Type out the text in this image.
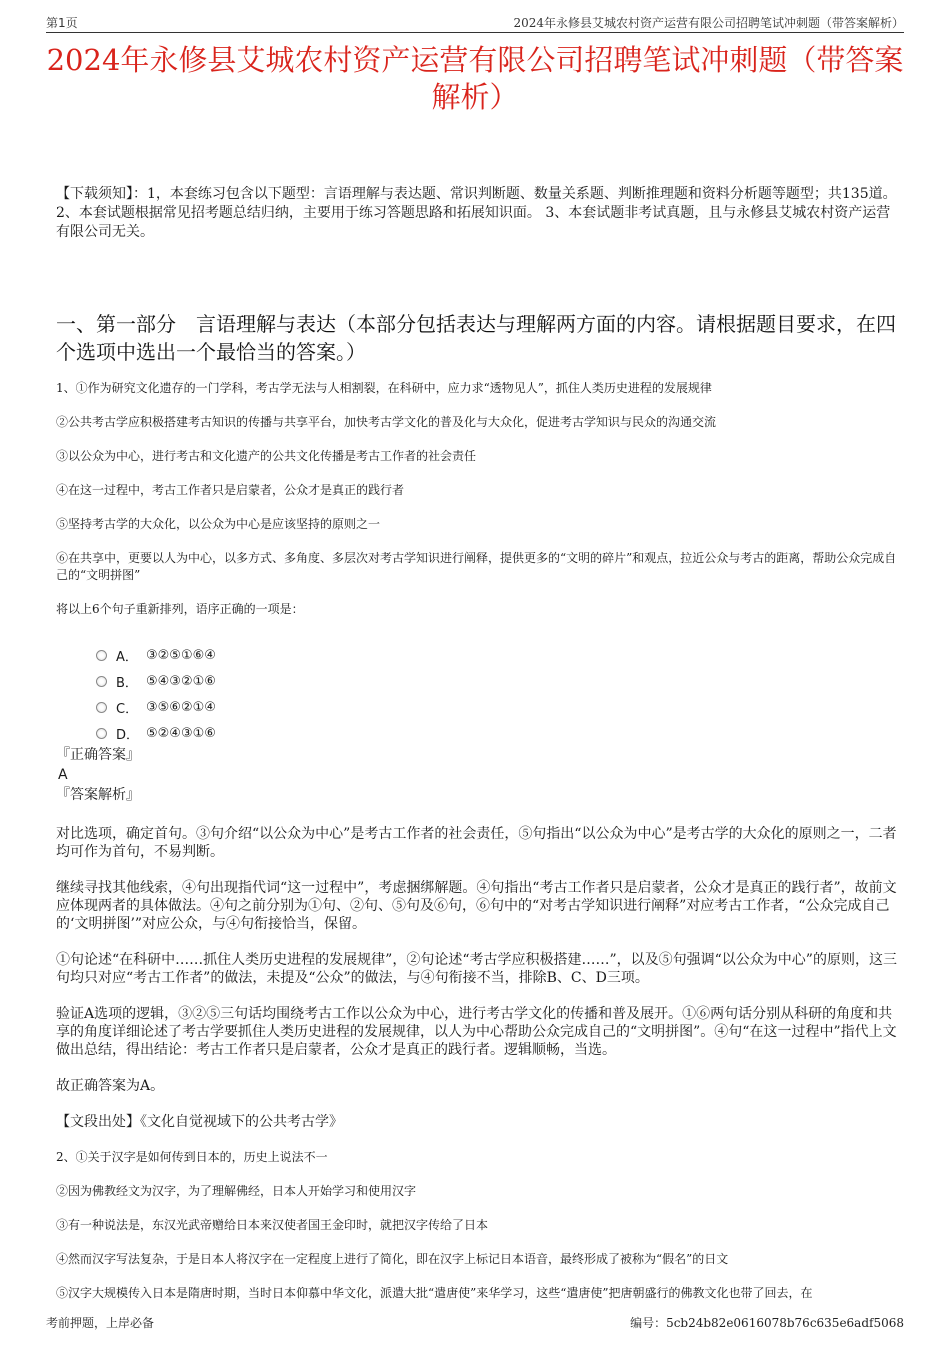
第1页	2024年永修县艾城农村资产运营有限公司招聘笔试冲刺题（带答案解析）
2024年永修县艾城农村资产运营有限公司招聘笔试冲刺题（带答案解析）
【下载须知】：1，本套练习包含以下题型：言语理解与表达题、常识判断题、数量关系题、判断推理题和资料分析题等题型；共135道。 2、本套试题根据常见招考题总结归纳，主要用于练习答题思路和拓展知识面。 3、本套试题非考试真题，且与永修县艾城农村资产运营有限公司无关。
一、第一部分　言语理解与表达（本部分包括表达与理解两方面的内容。请根据题目要求，在四个选项中选出一个最恰当的答案。）

1、①作为研究文化遗存的一门学科，考古学无法与人相割裂，在科研中，应力求“透物见人”，抓住人类历史进程的发展规律

②公共考古学应积极搭建考古知识的传播与共享平台，加快考古学文化的普及化与大众化，促进考古学知识与民众的沟通交流

③以公众为中心，进行考古和文化遗产的公共文化传播是考古工作者的社会责任

④在这一过程中，考古工作者只是启蒙者，公众才是真正的践行者

⑤坚持考古学的大众化，以公众为中心是应该坚持的原则之一

⑥在共享中，更要以人为中心，以多方式、多角度、多层次对考古学知识进行阐释，提供更多的“文明的碎片”和观点，拉近公众与考古的距离，帮助公众完成自己的“文明拼图”

将以上6个句子重新排列，语序正确的一项是：

A． ③②⑤①⑥④
B． ⑤④③②①⑥
C． ③⑤⑥②①④
D． ⑤②④③①⑥
『正确答案』
A
『答案解析』

对比选项，确定首句。③句介绍“以公众为中心”是考古工作者的社会责任，⑤句指出“以公众为中心”是考古学的大众化的原则之一，二者均可作为首句，不易判断。

继续寻找其他线索，④句出现指代词“这一过程中”，考虑捆绑解题。④句指出“考古工作者只是启蒙者，公众才是真正的践行者”，故前文应体现两者的具体做法。④句之前分别为①句、②句、⑤句及⑥句，⑥句中的“对考古学知识进行阐释”对应考古工作者，“公众完成自己的‘文明拼图’”对应公众，与④句衔接恰当，保留。

①句论述“在科研中……抓住人类历史进程的发展规律”，②句论述“考古学应积极搭建……”，以及⑤句强调“以公众为中心”的原则，这三句均只对应“考古工作者”的做法，未提及“公众”的做法，与④句衔接不当，排除B、C、D三项。

验证A选项的逻辑，③②⑤三句话均围绕考古工作以公众为中心，进行考古学文化的传播和普及展开。①⑥两句话分别从科研的角度和共享的角度详细论述了考古学要抓住人类历史进程的发展规律，以人为中心帮助公众完成自己的“文明拼图”。④句“在这一过程中”指代上文做出总结，得出结论：考古工作者只是启蒙者，公众才是真正的践行者。逻辑顺畅，当选。

故正确答案为A。

【文段出处】《文化自觉视域下的公共考古学》

2、①关于汉字是如何传到日本的，历史上说法不一

②因为佛教经文为汉字，为了理解佛经，日本人开始学习和使用汉字

③有一种说法是，东汉光武帝赠给日本来汉使者国王金印时，就把汉字传给了日本

④然而汉字写法复杂，于是日本人将汉字在一定程度上进行了简化，即在汉字上标记日本语音，最终形成了被称为“假名”的日文

⑤汉字大规模传入日本是隋唐时期，当时日本仰慕中华文化，派遣大批“遣唐使”来华学习，这些“遣唐使”把唐朝盛行的佛教文化也带了回去，在

考前押题，上岸必备	编号：5cb24b82e0616078b76c635e6adf5068
